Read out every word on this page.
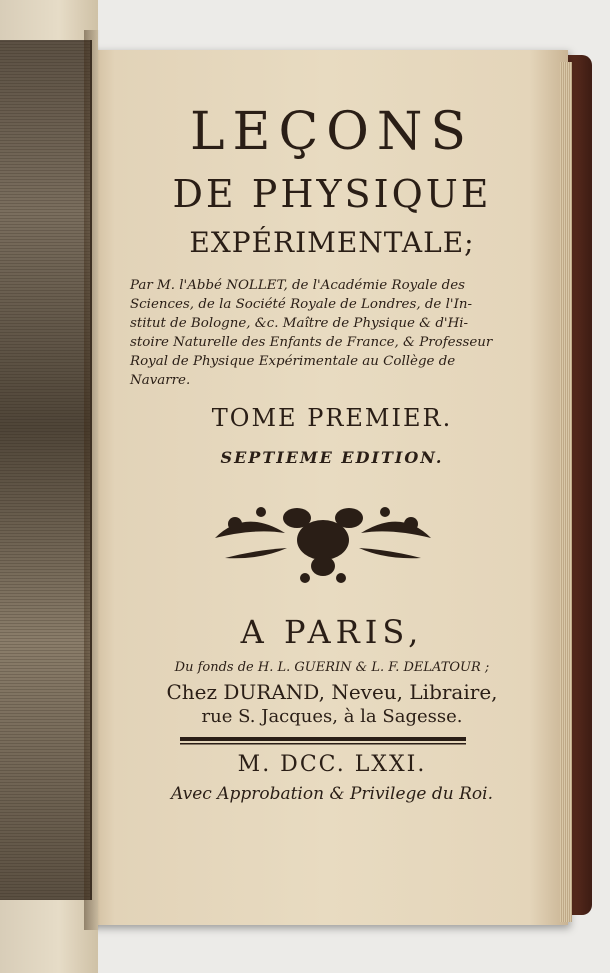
LEÇONS

DE PHYSIQUE

EXPÉRIMENTALE;

Par M. l'Abbé NOLLET, de l'Académie Royale des
Sciences, de la Société Royale de Londres, de l'In-
stitut de Bologne, &c. Maître de Physique & d'Hi-
stoire Naturelle des Enfants de France, & Professeur
Royal de Physique Expérimentale au Collège de
Navarre.

TOME PREMIER.

SEPTIEME EDITION.

A PARIS,

Du fonds de H. L. GUERIN & L. F. DELATOUR ;

Chez DURAND, Neveu, Libraire,

rue S. Jacques, à la Sagesse.

M. DCC. LXXI.

Avec Approbation & Privilege du Roi.
